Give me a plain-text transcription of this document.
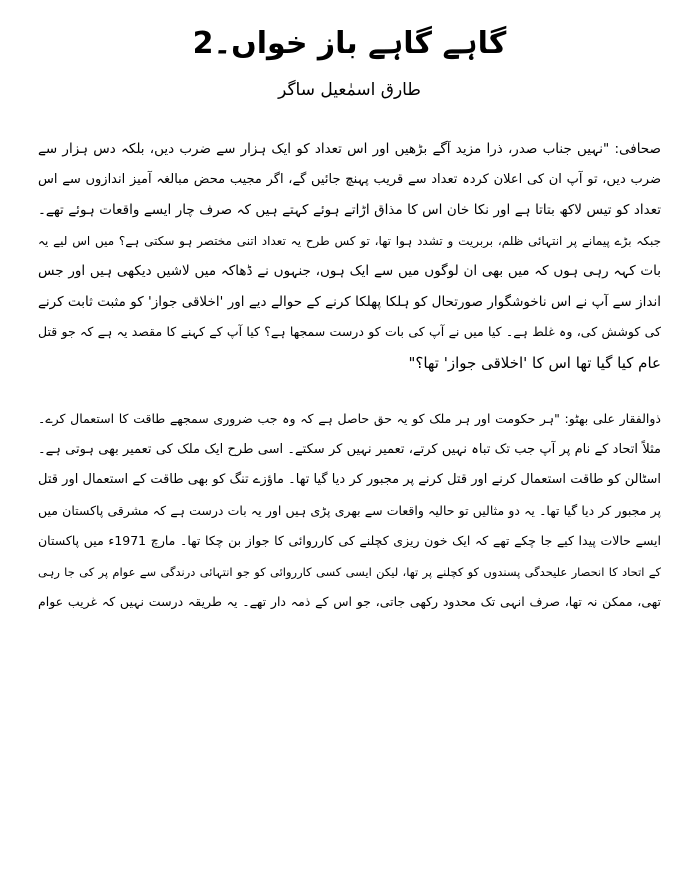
گاہے گاہے باز خواں۔2

طارق اسمٰعیل ساگر

صحافی: "نہیں جناب صدر، ذرا مزید آگے بڑھیں اور اس تعداد کو ایک ہزار سے ضرب دیں، بلکہ دس ہزار سے
ضرب دیں، تو آپ ان کی اعلان کردہ تعداد سے قریب پہنچ جائیں گے، اگر مجیب محض مبالغہ آمیز اندازوں سے اس
تعداد کو تیس لاکھ بتاتا ہے اور نکا خان اس کا مذاق اڑاتے ہوئے کہتے ہیں کہ صرف چار ایسے واقعات ہوئے تھے۔
جبکہ بڑے پیمانے پر انتہائی ظلم، بربریت و تشدد ہوا تھا، تو کس طرح یہ تعداد اتنی مختصر ہو سکتی ہے؟ میں اس لیے یہ
بات کہہ رہی ہوں کہ میں بھی ان لوگوں میں سے ایک ہوں، جنہوں نے ڈھاکہ میں لاشیں دیکھی ہیں اور جس
انداز سے آپ نے اس ناخوشگوار صورتحال کو ہلکا پھلکا کرنے کے حوالے دیے اور 'اخلاقی جواز' کو مثبت ثابت کرنے
کی کوشش کی، وہ غلط ہے۔ کیا میں نے آپ کی بات کو درست سمجھا ہے؟ کیا آپ کے کہنے کا مقصد یہ ہے کہ جو قتل
عام کیا گیا تھا اس کا 'اخلاقی جواز' تھا؟"
ذوالفقار علی بھٹو: "ہر حکومت اور ہر ملک کو یہ حق حاصل ہے کہ وہ جب ضروری سمجھے طاقت کا استعمال کرے۔
مثلاً اتحاد کے نام پر آپ جب تک تباہ نہیں کرتے، تعمیر نہیں کر سکتے۔ اسی طرح ایک ملک کی تعمیر بھی ہوتی ہے۔
اسٹالن کو طاقت استعمال کرنے اور قتل کرنے پر مجبور کر دیا گیا تھا۔ ماؤزے تنگ کو بھی طاقت کے استعمال اور قتل
پر مجبور کر دیا گیا تھا۔ یہ دو مثالیں تو حالیہ واقعات سے بھری پڑی ہیں اور یہ بات درست ہے کہ مشرقی پاکستان میں
ایسے حالات پیدا کیے جا چکے تھے کہ ایک خون ریزی کچلنے کی کارروائی کا جواز بن چکا تھا۔ مارچ 1971ء میں پاکستان
کے اتحاد کا انحصار علیحدگی پسندوں کو کچلنے پر تھا، لیکن ایسی کسی کارروائی کو جو انتہائی درندگی سے عوام پر کی جا رہی
تھی، ممکن نہ تھا، صرف انہی تک محدود رکھی جاتی، جو اس کے ذمہ دار تھے۔ یہ طریقہ درست نہیں کہ غریب عوام
